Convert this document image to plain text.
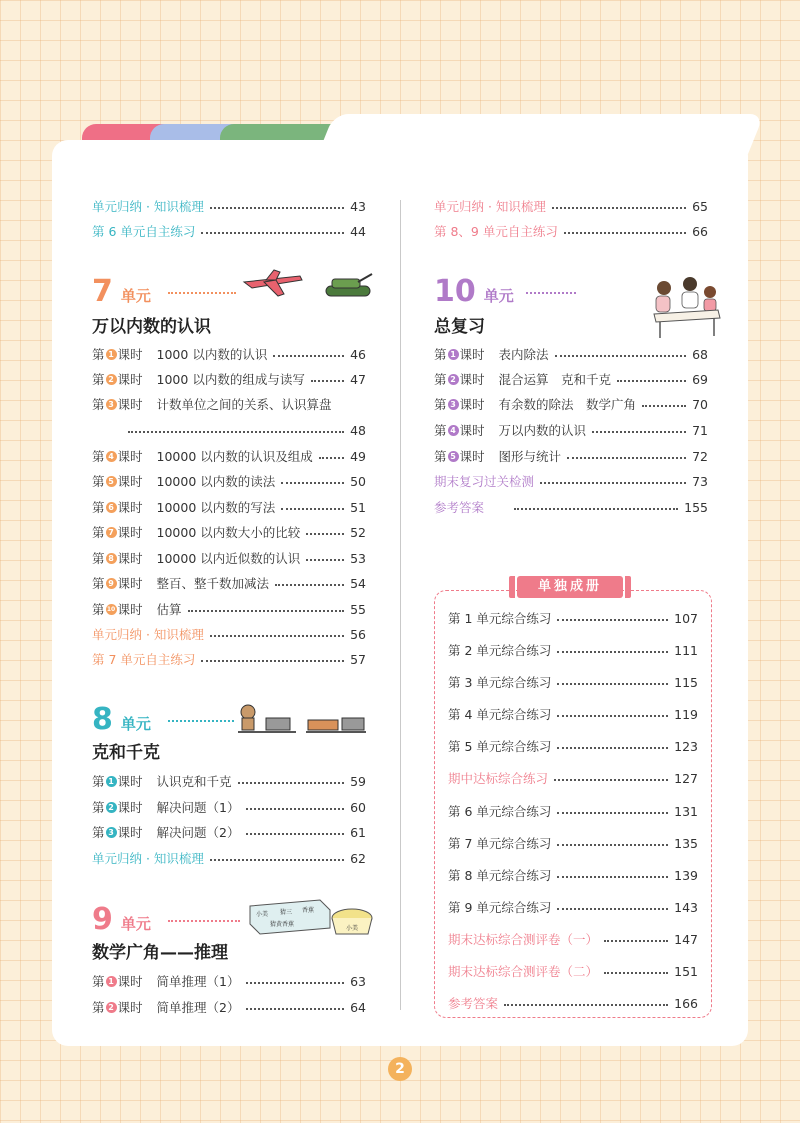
单元归纳 · 知识梳理	43
第 6 单元自主练习	44
7 单元
万以内数的认识
第 1 课时 1000 以内数的认识	46
第 2 课时 1000 以内数的组成与读写	47
第 3 课时 计数单位之间的关系、认识算盘
48
第 4 课时 10000 以内数的认识及组成	49
第 5 课时 10000 以内数的读法	50
第 6 课时 10000 以内数的写法	51
第 7 课时 10000 以内数大小的比较	52
第 8 课时 10000 以内近似数的认识	53
第 9 课时 整百、整千数加减法	54
第 10 课时 估算	55
单元归纳 · 知识梳理	56
第 7 单元自主练习	57
8 单元
克和千克
第 1 课时 认识克和千克	59
第 2 课时 解决问题（1）	60
第 3 课时 解决问题（2）	61
单元归纳 · 知识梳理	62
9 单元
小美 猜三 香蕉
猜黄香蕉
小美
数学广角——推理
第 1 课时 简单推理（1）	63
第 2 课时 简单推理（2）	64
单元归纳 · 知识梳理	65
第 8、9 单元自主练习	66
10 单元
总复习
第 1 课时 表内除法	68
第 2 课时 混合运算　克和千克	69
第 3 课时 有余数的除法　数学广角	70
第 4 课时 万以内数的认识	71
第 5 课时 图形与统计	72
期末复习过关检测	73
参考答案	155
单独成册
第 1 单元综合练习	107
第 2 单元综合练习	111
第 3 单元综合练习	115
第 4 单元综合练习	119
第 5 单元综合练习	123
期中达标综合练习	127
第 6 单元综合练习	131
第 7 单元综合练习	135
第 8 单元综合练习	139
第 9 单元综合练习	143
期末达标综合测评卷（一）	147
期末达标综合测评卷（二）	151
参考答案	166
2
